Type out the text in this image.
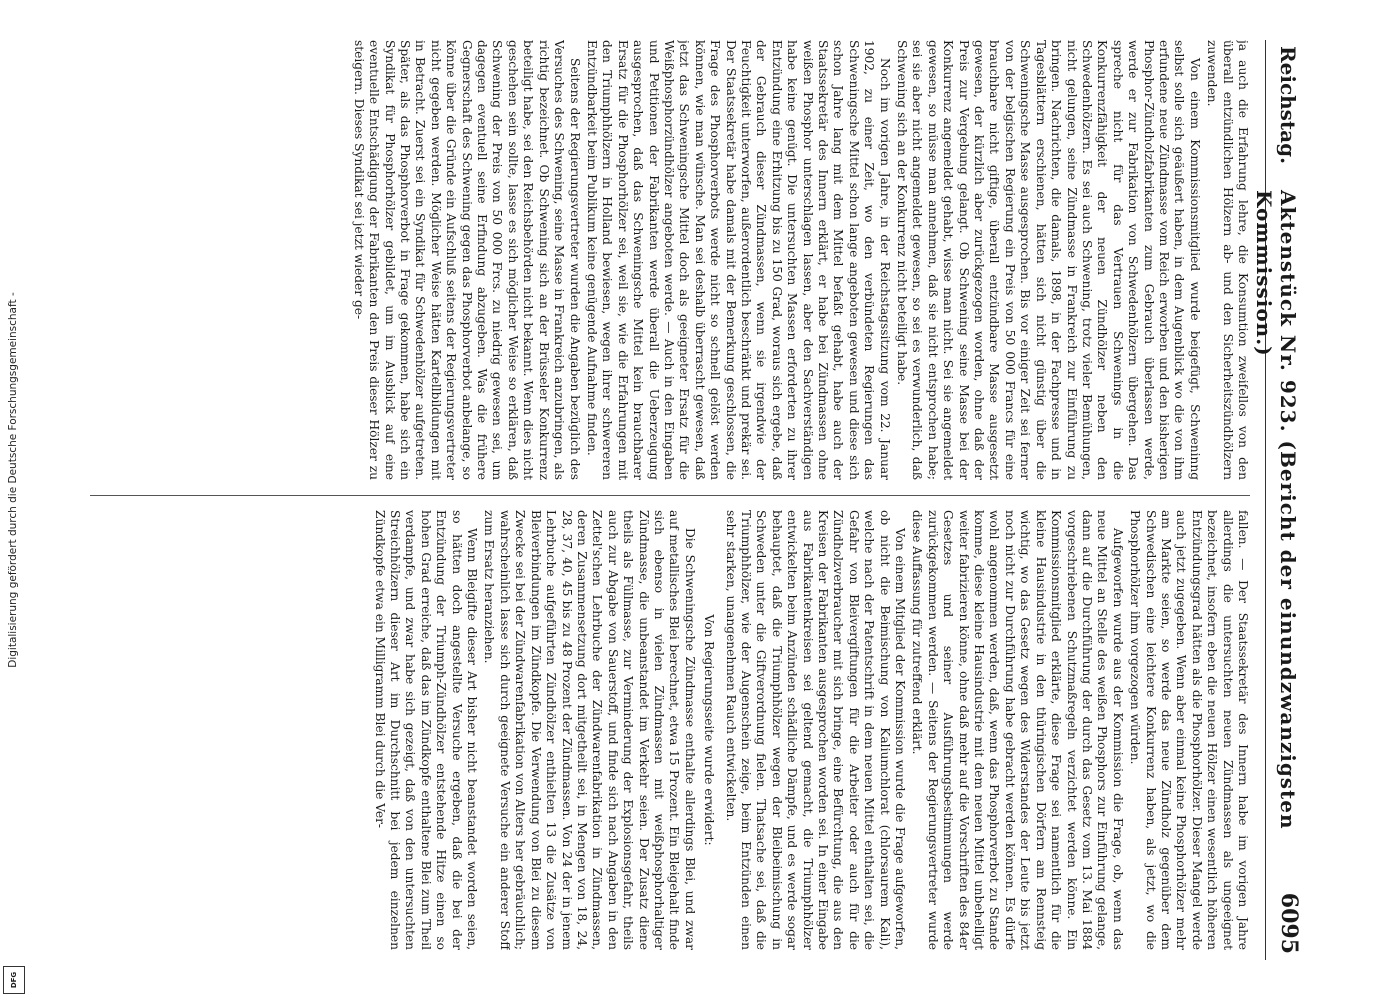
Digitalisierung gefördert durch die Deutsche Forschungsgemeinschaft -
DFG
Reichstag.
Aktenstück Nr. 923. (Bericht der einundzwanzigsten Kommission.)
6095

ja auch die Erfahrung lehre, die Konsumtion zweifellos von den überall entzündlichen Hölzern ab- und den Sicherheitszündhölzern zuwenden.

Von einem Kommissionsmitglied wurde beigefügt, Schweninng selbst solle sich geäußert haben, in dem Augenblick wo die von ihm erfundene neue Zündmasse vom Reich erworben und den bisherigen Phosphor-Zündholzfabrikanten zum Gebrauch überlassen werde, werde er zur Fabrikation von Schwedenhölzern übergehen. Das spreche nicht für das Vertrauen Schwenings in die Konkurrenzfähigkeit der neuen Zündhölzer neben den Schwedenhölzern. Es sei auch Schwening, trotz vieler Bemühungen, nicht gelungen, seine Zündmasse in Frankreich zur Einführung zu bringen. Nachrichten, die damals, 1898, in der Fachpresse und in Tagesblättern erschienen, hätten sich nicht günstig über die Schweningsche Masse ausgesprochen. Bis vor einiger Zeit sei ferner von der belgischen Regierung ein Preis von 50 000 Francs für eine brauchbare nicht giftige, überall entzündbare Masse ausgesetzt gewesen, der kürzlich aber zurückgezogen worden, ohne daß der Preis zur Vergebung gelangt. Ob Schwening seine Masse bei der Konkurrenz angemeldet gehabt, wisse man nicht. Sei sie angemeldet gewesen, so müsse man annehmen, daß sie nicht entsprochen habe; sei sie aber nicht angemeldet gewesen, so sei es verwunderlich, daß Schwening sich an der Konkurrenz nicht beteiligt habe.

Noch im vorigen Jahre, in der Reichstagssitzung vom 22. Januar 1902, zu einer Zeit, wo den verbündeten Regierungen das Schweningsche Mittel schon lange angeboten gewesen und diese sich schon Jahre lang mit dem Mittel befaßt gehabt, habe auch der Staatssekretär des Innern erklärt, er habe bei Zündmassen ohne weißen Phosphor unterschlagen lassen, aber den Sachverständigen habe keine genügt. Die untersuchten Massen erforderten zu ihrer Entzündung eine Erhitzung bis zu 150 Grad, woraus sich ergebe, daß der Gebrauch dieser Zündmassen, wenn sie irgendwie der Feuchtigkeit unterworfen, außerordentlich beschränkt und prekär sei. Der Staatssekretär habe damals mit der Bemerkung geschlossen, die Frage des Phosphorverbots werde nicht so schnell gelöst werden können, wie man wünsche. Man sei deshalb überrascht gewesen, daß jetzt das Schweningsche Mittel doch als geeigneter Ersatz für die Weißphosphorzündhölzer angeboten werde. — Auch in den Eingaben und Petitionen der Fabrikanten werde überall die Ueberzeugung ausgesprochen, daß das Schweningsche Mittel kein brauchbarer Ersatz für die Phosphorhölzer sei, weil sie, wie die Erfahrungen mit den Triumphhölzern in Holland bewiesen, wegen ihrer schwereren Entzündbarkeit beim Publikum keine genügende Aufnahme finden.

Seitens der Regierungsvertreter wurden die Angaben bezüglich des Versuches des Schwening, seine Masse in Frankreich anzubringen, als richtig bezeichnet. Ob Schwening sich an der Brüsseler Konkurrenz beteiligt habe, sei den Reichsbehörden nicht bekannt. Wenn dies nicht geschehen sein sollte, lasse es sich möglicher Weise so erklären, daß Schwening der Preis von 50 000 Frcs. zu niedrig gewesen sei, um dagegen eventuell seine Erfindung abzugeben. Was die frühere Gegnerschaft des Schwening gegen das Phosphorverbot anbelange, so könne über die Gründe ein Aufschluß seitens der Regierungsvertreter nicht gegeben werden. Möglicher Weise hätten Kartellbildungen mit in Betracht. Zuerst sei ein Syndikat für Schwedenhölzer aufgetreten. Später, als das Phosphorverbot in Frage gekommen, habe sich ein Syndikat für Phosphorhölzer gebildet, um im Ausblick auf eine eventuelle Entschädigung der Fabrikanten den Preis dieser Hölzer zu steigern. Dieses Syndikat sei jetzt wieder ge-

fallen. — Der Staatssekretär des Innern habe im vorigen Jahre allerdings die untersuchten neuen Zündmassen als ungeeignet bezeichnet, insofern eben die neuen Hölzer einen wesentlich höheren Entzündungsgrad hätten als die Phosphorhölzer. Dieser Mangel werde auch jetzt zugegeben. Wenn aber einmal keine Phosphorhölzer mehr am Markte seien, so werde das neue Zündholz gegenüber dem Schwedischen eine leichtere Konkurrenz haben, als jetzt, wo die Phosphorhölzer ihm vorgezogen würden.

Aufgeworfen wurde aus der Kommission die Frage, ob, wenn das neue Mittel an Stelle des weißen Phosphors zur Einführung gelange, dann auf die Durchführung der durch das Gesetz vom 13. Mai 1884 vorgeschriebenen Schutzmaßregeln verzichtet werden könne. Ein Kommissionsmitglied erklärte, diese Frage sei namentlich für die kleine Hausindustrie in den thüringischen Dörfern am Rennsteig wichtig, wo das Gesetz wegen des Widerstandes der Leute bis jetzt noch nicht zur Durchführung habe gebracht werden können. Es dürfe wohl angenommen werden, daß, wenn das Phosphorverbot zu Stande komme, diese kleine Hausindustrie mit dem neuen Mittel unbehelligt weiter fabrizieren könne, ohne daß mehr auf die Vorschriften des 84er Gesetzes und seiner Ausführungsbestimmungen werde zurückgekommen werden. — Seitens der Regierungsvertreter wurde diese Auffassung für zutreffend erklärt.

Von einem Mitglied der Kommission wurde die Frage aufgeworfen, ob nicht die Beimischung von Kaliumchlorat (chlorsaurem Kali), welche nach der Patentschrift in dem neuen Mittel enthalten sei, die Gefahr von Bleivergiftungen für die Arbeiter oder auch für die Zündholzverbraucher mit sich bringe, eine Befürchtung, die aus den Kreisen der Fabrikanten ausgesprochen worden sei. In einer Eingabe aus Fabrikantenkreisen sei geltend gemacht, die Triumphhölzer entwickelten beim Anzünden schädliche Dämpfe, und es werde sogar behauptet, daß die Triumphhölzer wegen der Bleibeimischung in Schweden unter die Giftverordnung fielen. Thatsache sei, daß die Triumphhölzer, wie der Augenschein zeige, beim Entzünden einen sehr starken, unangenehmen Rauch entwickelten.

Von Regierungsseite wurde erwidert:

Die Schweningsche Zündmasse enthalte allerdings Blei, und zwar auf metallisches Blei berechnet, etwa 15 Prozent. Ein Bleigehalt finde sich ebenso in vielen Zündmassen mit weißphosphorhaltiger Zündmasse, die unbeanstandet im Verkehr seien. Der Zusatz diene theils als Füllmasse, zur Verminderung der Explosionsgefahr, theils auch zur Abgabe von Sauerstoff, und finde sich nach Angaben in den Zettel'schen Lehrbuche der Zündwarenfabrikation in Zündmassen, deren Zusammensetzung dort mitgetheilt sei, in Mengen von 18, 24, 28, 37, 40, 45 bis zu 48 Prozent der Zündmassen. Von 24 der in jenem Lehrbuche aufgeführten Zündhölzer enthielten 13 die Zusätze von Bleiverbindungen im Zündkopfe. Die Verwendung von Blei zu diesem Zwecke sei bei der Zündwarenfabrikation von Alters her gebräuchlich; wahrscheinlich lasse sich durch geeignete Versuche ein anderer Stoff zum Ersatz heranziehen.

Wenn Bleigifte dieser Art bisher nicht beanstandet worden seien, so hätten doch angestellte Versuche ergeben, daß die bei der Entzündung der Triumph-Zündhölzer entstehende Hitze einen so hohen Grad erreiche, daß das im Zündkopfe enthaltene Blei zum Theil verdampfe, und zwar habe sich gezeigt, daß von den untersuchten Streichhölzern dieser Art im Durchschnitt bei jedem einzelnen Zündkopfe etwa ein Milligramm Blei durch die Ver-
